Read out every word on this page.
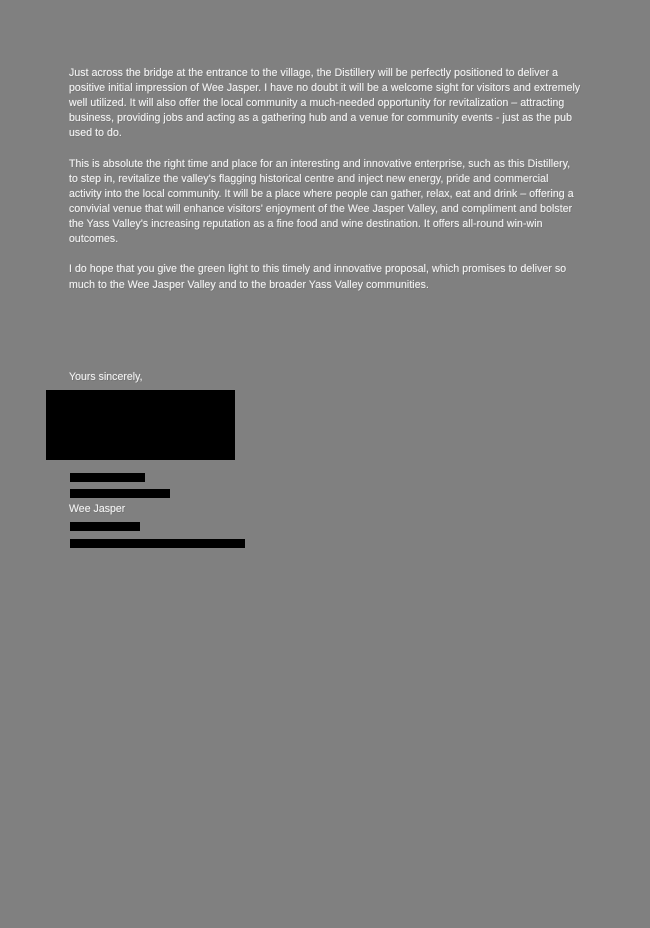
Just across the bridge at the entrance to the village, the Distillery will be perfectly positioned to deliver a positive initial impression of Wee Jasper. I have no doubt it will be a welcome sight for visitors and extremely well utilized. It will also offer the local community a much-needed opportunity for revitalization – attracting business, providing jobs and acting as a gathering hub and a venue for community events - just as the pub used to do.

This is absolute the right time and place for an interesting and innovative enterprise, such as this Distillery, to step in, revitalize the valley's flagging historical centre and inject new energy, pride and commercial activity into the local community. It will be a place where people can gather, relax, eat and drink – offering a convivial venue that will enhance visitors' enjoyment of the Wee Jasper Valley, and compliment and bolster the Yass Valley's increasing reputation as a fine food and wine destination. It offers all-round win-win outcomes.

I do hope that you give the green light to this timely and innovative proposal, which promises to deliver so much to the Wee Jasper Valley and to the broader Yass Valley communities.

Yours sincerely,
Wee Jasper
